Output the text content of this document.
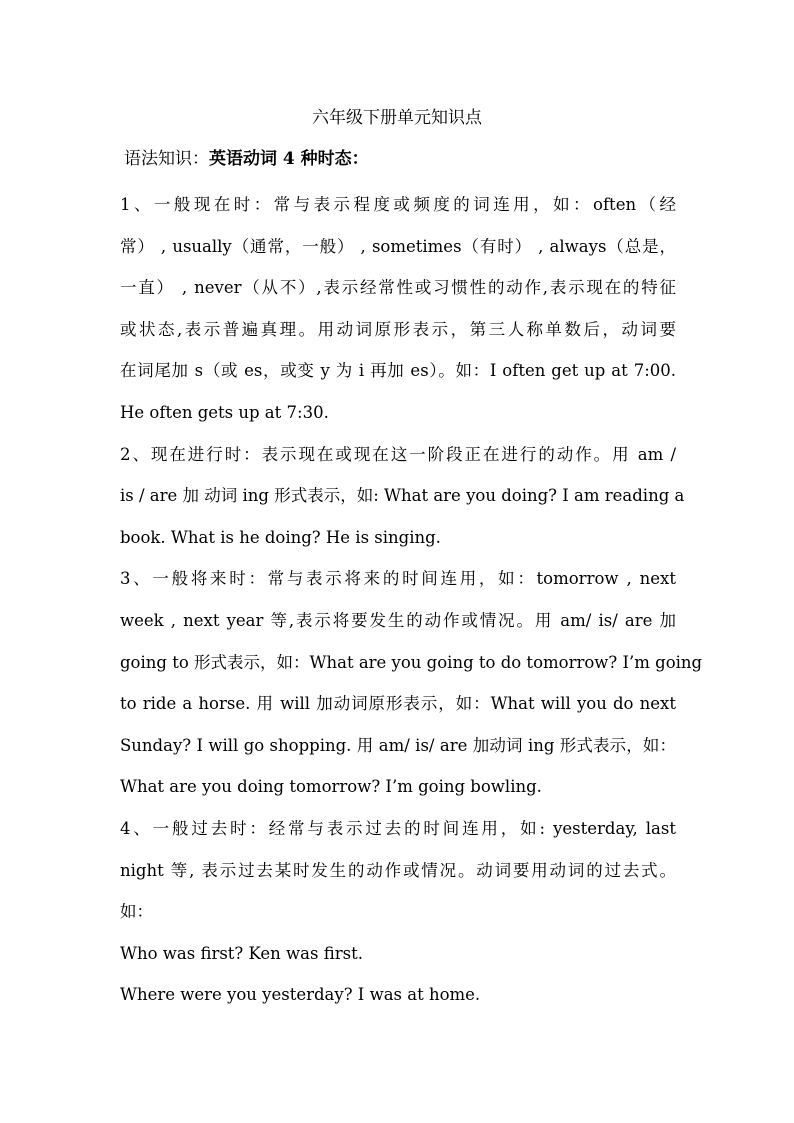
六年级下册单元知识点
语法知识：英语动词 4 种时态：
1、一般现在时：常与表示程度或频度的词连用，如：often（经
常） , usually（通常，一般） , sometimes（有时） , always（总是，
一直） , never（从不）,表示经常性或习惯性的动作,表示现在的特征
或状态,表示普遍真理。用动词原形表示，第三人称单数后，动词要
在词尾加 s（或 es，或变 y 为 i 再加 es）。如：I often get up at 7:00.
He often gets up at 7:30.
2、现在进行时：表示现在或现在这一阶段正在进行的动作。用 am /
is / are 加 动词 ing 形式表示，如: What are you doing? I am reading a
book. What is he doing? He is singing.
3、一般将来时：常与表示将来的时间连用，如：tomorrow , next
week , next year 等,表示将要发生的动作或情况。用 am/ is/ are 加
going to 形式表示，如：What are you going to do tomorrow? I’m going
to ride a horse. 用 will 加动词原形表示，如：What will you do next
Sunday? I will go shopping. 用 am/ is/ are 加动词 ing 形式表示，如：
What are you doing tomorrow? I’m going bowling.
4、一般过去时：经常与表示过去的时间连用，如: yesterday, last
night 等, 表示过去某时发生的动作或情况。动词要用动词的过去式。
如：
Who was first? Ken was first.
Where were you yesterday? I was at home.
